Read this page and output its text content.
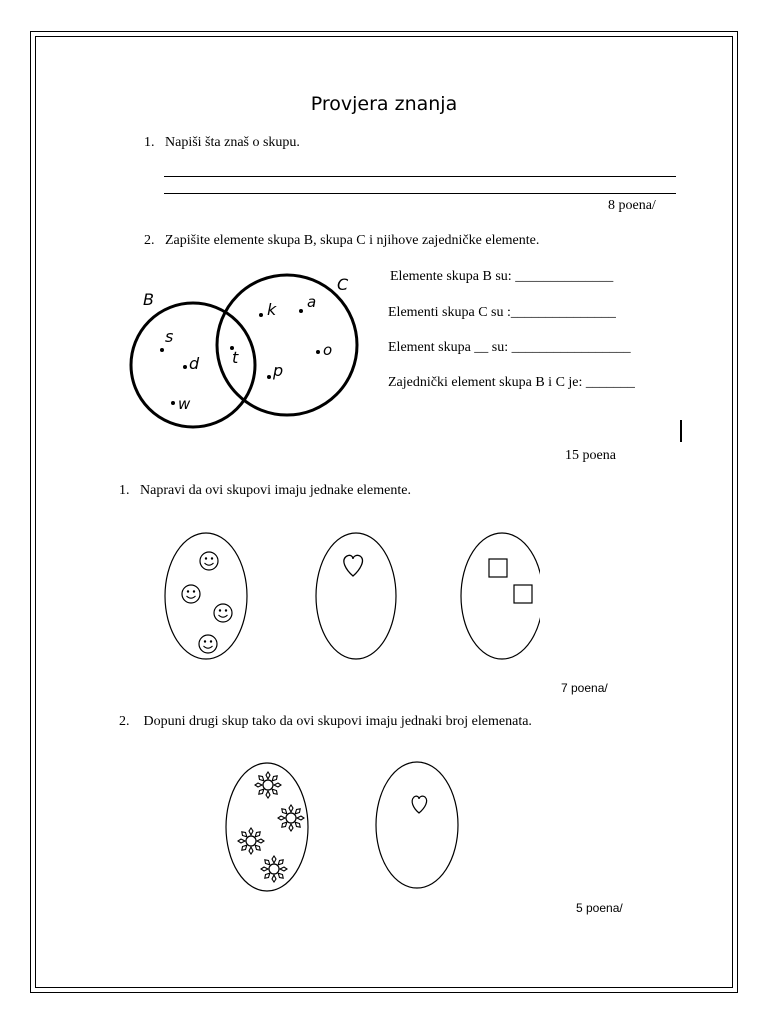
Provjera znanja
1. Napiši šta znaš o skupu.
8 poena/
2. Zapišite elemente skupa B, skupa C i njihove zajedničke elemente.
B
C
k a
s
t	o
d	p
w
Elemente skupa B su: ______________
Elementi skupa C su :_______________
Element skupa __ su: _________________
Zajednički element skupa B i C je: _______
15 poena
1. Napravi da ovi skupovi imaju jednake elemente.
7 poena/
2. Dopuni drugi skup tako da ovi skupovi imaju jednaki broj elemenata.
5 poena/
